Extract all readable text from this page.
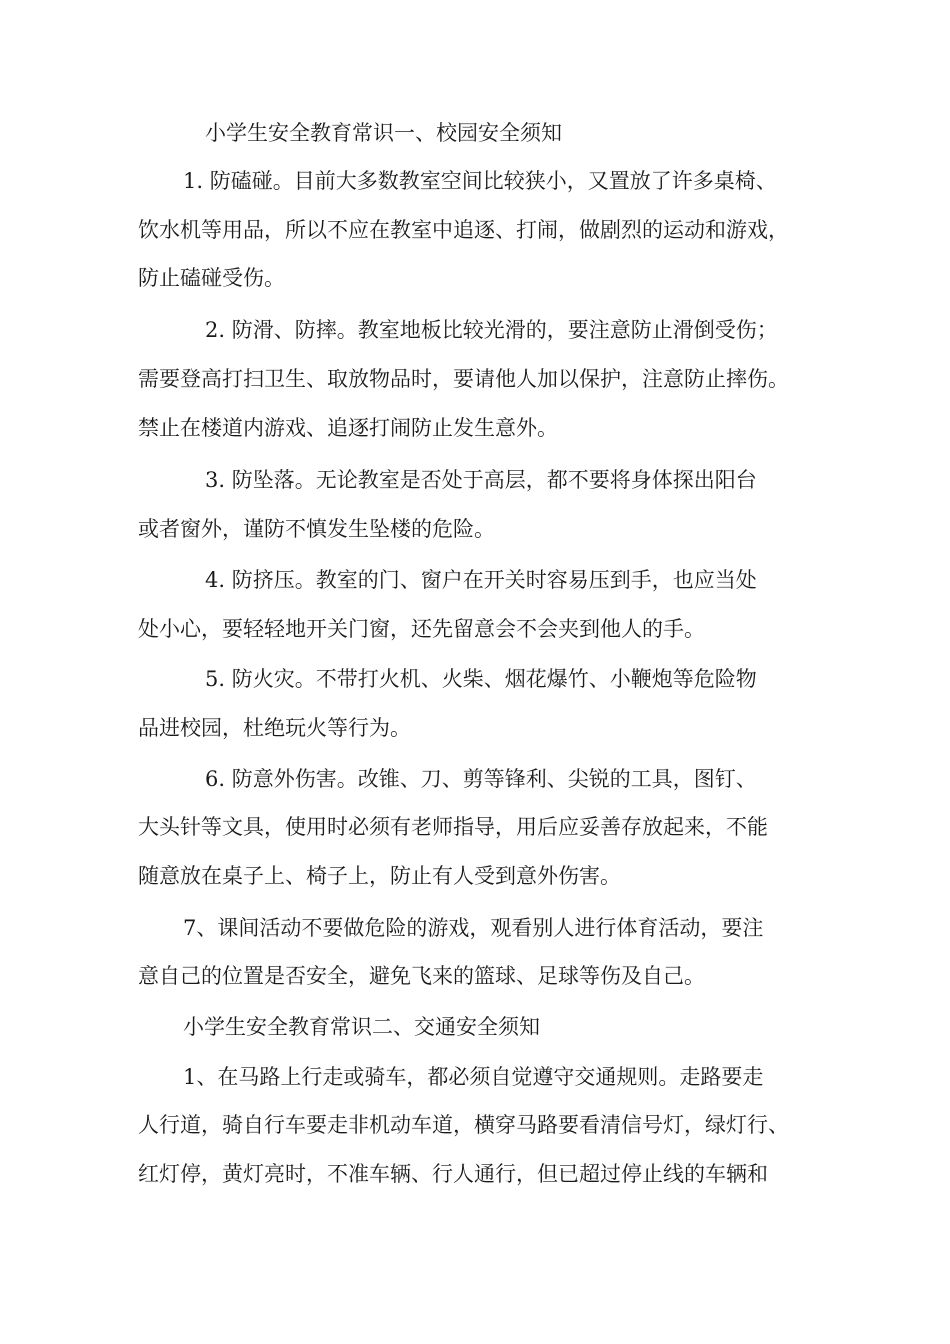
小学生安全教育常识一、校园安全须知
1. 防磕碰。目前大多数教室空间比较狭小，又置放了许多桌椅、
饮水机等用品，所以不应在教室中追逐、打闹，做剧烈的运动和游戏，
防止磕碰受伤。
2. 防滑、防摔。教室地板比较光滑的，要注意防止滑倒受伤；
需要登高打扫卫生、取放物品时，要请他人加以保护，注意防止摔伤。
禁止在楼道内游戏、追逐打闹防止发生意外。
3. 防坠落。无论教室是否处于高层，都不要将身体探出阳台
或者窗外，谨防不慎发生坠楼的危险。
4. 防挤压。教室的门、窗户在开关时容易压到手，也应当处
处小心，要轻轻地开关门窗，还先留意会不会夹到他人的手。
5. 防火灾。不带打火机、火柴、烟花爆竹、小鞭炮等危险物
品进校园，杜绝玩火等行为。
6. 防意外伤害。改锥、刀、剪等锋利、尖锐的工具，图钉、
大头针等文具，使用时必须有老师指导，用后应妥善存放起来，不能
随意放在桌子上、椅子上，防止有人受到意外伤害。
7、课间活动不要做危险的游戏，观看别人进行体育活动，要注
意自己的位置是否安全，避免飞来的篮球、足球等伤及自己。
小学生安全教育常识二、交通安全须知
1、在马路上行走或骑车，都必须自觉遵守交通规则。走路要走
人行道，骑自行车要走非机动车道，横穿马路要看清信号灯，绿灯行、
红灯停，黄灯亮时，不准车辆、行人通行，但已超过停止线的车辆和
